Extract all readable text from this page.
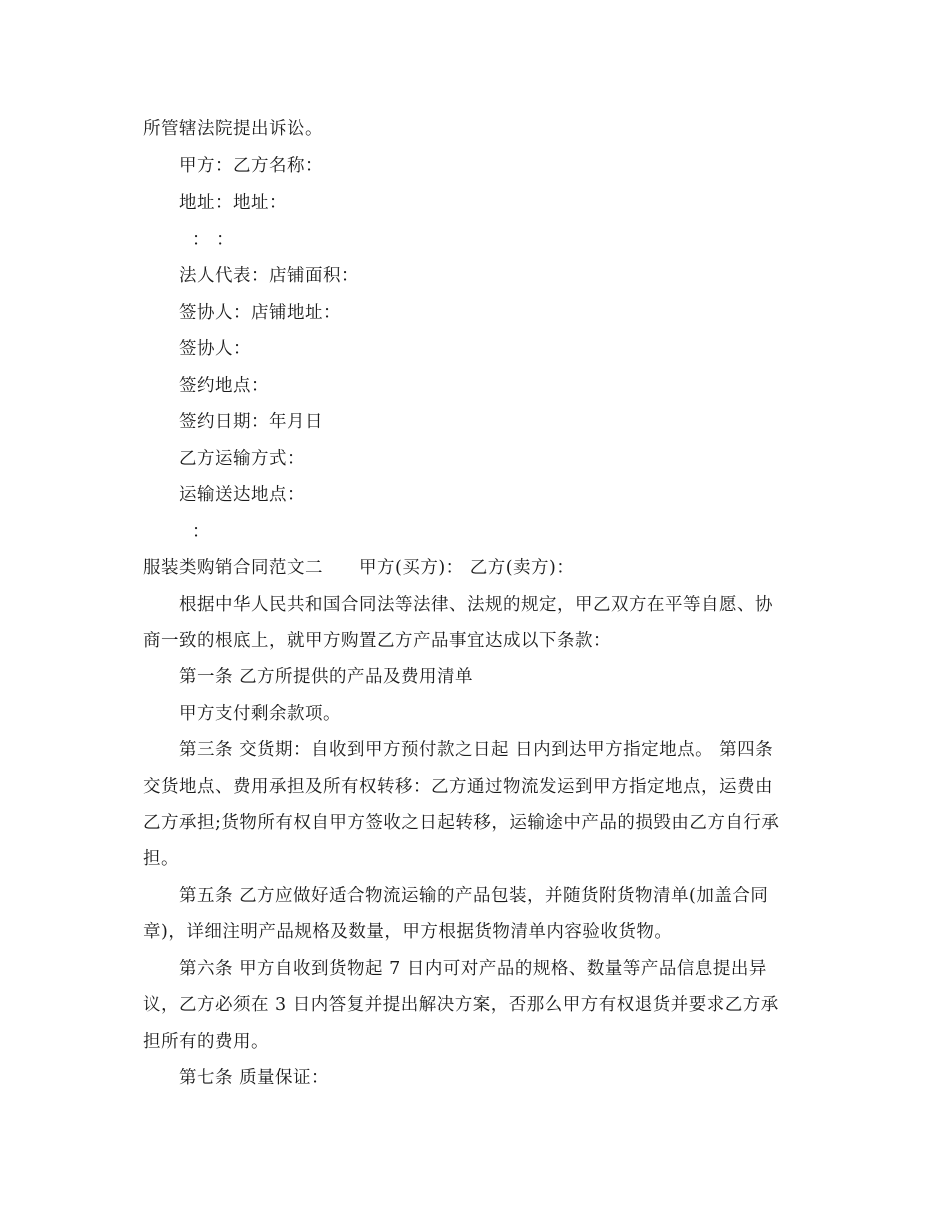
所管辖法院提出诉讼。
甲方：乙方名称：
地址：地址：
： ：
法人代表：店铺面积：
签协人：店铺地址：
签协人：
签约地点：
签约日期：年月日
乙方运输方式：
运输送达地点：
：
服装类购销合同范文二 甲方(买方)： 乙方(卖方)：
根据中华人民共和国合同法等法律、法规的规定，甲乙双方在平等自愿、协
商一致的根底上，就甲方购置乙方产品事宜达成以下条款：
第一条 乙方所提供的产品及费用清单
甲方支付剩余款项。
第三条 交货期：自收到甲方预付款之日起 日内到达甲方指定地点。 第四条
交货地点、费用承担及所有权转移：乙方通过物流发运到甲方指定地点，运费由
乙方承担;货物所有权自甲方签收之日起转移，运输途中产品的损毁由乙方自行承
担。
第五条 乙方应做好适合物流运输的产品包装，并随货附货物清单(加盖合同
章)，详细注明产品规格及数量，甲方根据货物清单内容验收货物。
第六条 甲方自收到货物起 7 日内可对产品的规格、数量等产品信息提出异
议，乙方必须在 3 日内答复并提出解决方案，否那么甲方有权退货并要求乙方承
担所有的费用。
第七条 质量保证：
